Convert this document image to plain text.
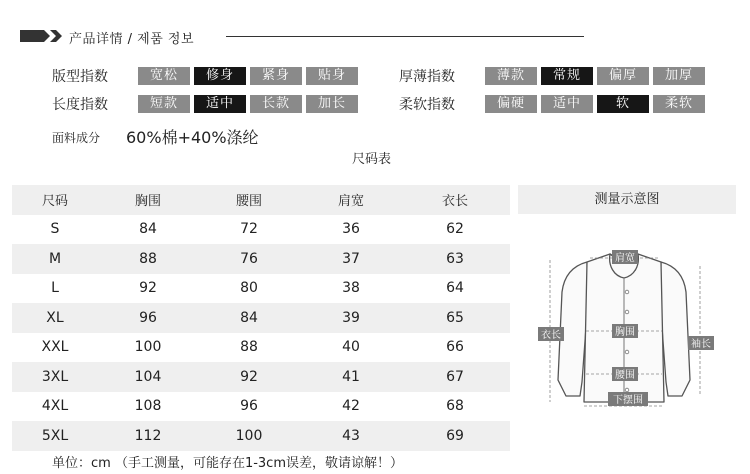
产品详情 / 제품 정보
版型指数	宽松	修身	紧身	贴身	厚薄指数	薄款	常规	偏厚	加厚
长度指数	短款	适中	长款	加长	柔软指数	偏硬	适中	软	柔软
面料成分 60%棉+40%涤纶
尺码表
尺码	胸围	腰围	肩宽	衣长
S	84	72	36	62
M	88	76	37	63
L	92	80	38	64
XL	96	84	39	65
XXL	100	88	40	66
3XL	104	92	41	67
4XL	108	96	42	68
5XL	112	100	43	69
单位：cm （手工测量，可能存在1-3cm误差，敬请谅解！）
测量示意图
肩宽
胸围
腰围
下摆围
衣长
袖长
